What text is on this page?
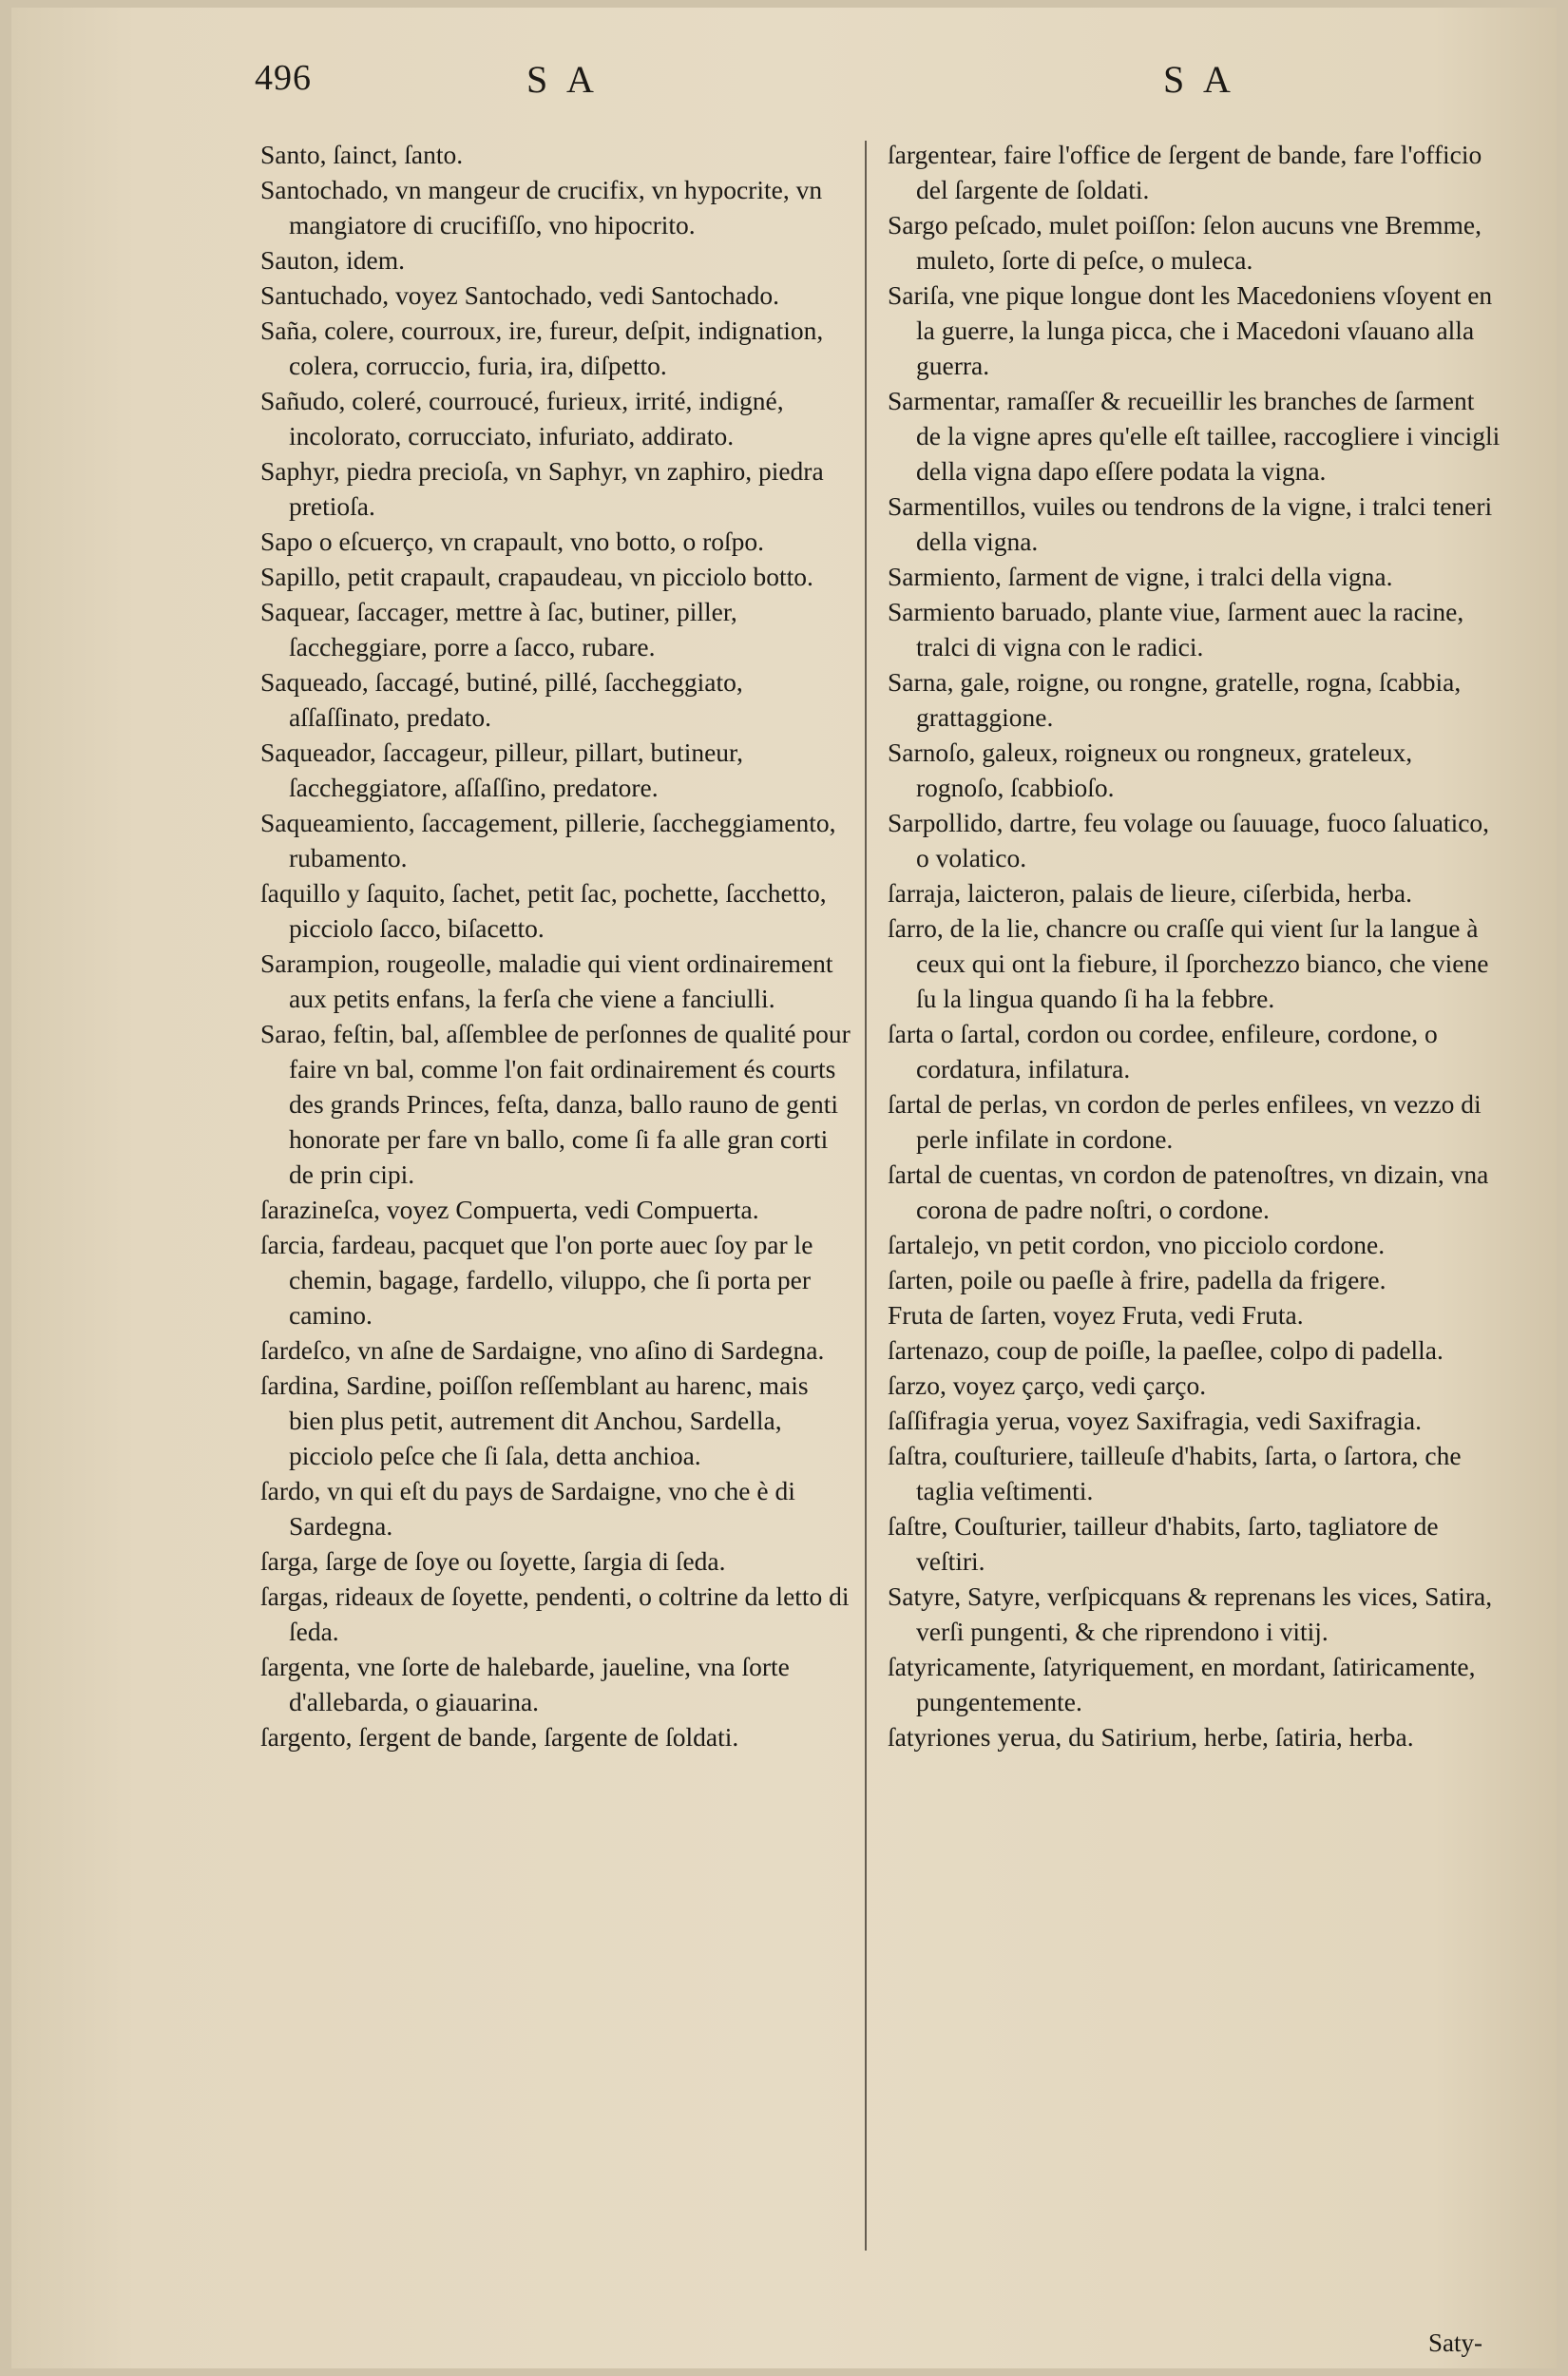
496	S A	S A

Santo, ſainct, ſanto.

Santochado, vn mangeur de crucifix, vn hypocrite, vn mangiatore di crucifiſſo, vno hipocrito.

Sauton, idem.

Santuchado, voyez Santochado, vedi Santochado.

Saña, colere, courroux, ire, fureur, deſpit, indignation, colera, corruccio, furia, ira, diſpetto.

Sañudo, coleré, courroucé, furieux, irrité, indigné, incolorato, corrucciato, infuriato, addirato.

Saphyr, piedra precioſa, vn Saphyr, vn zaphiro, piedra pretioſa.

Sapo o eſcuerço, vn crapault, vno botto, o roſpo.

Sapillo, petit crapault, crapaudeau, vn picciolo botto.

Saquear, ſaccager, mettre à ſac, butiner, piller, ſaccheggiare, porre a ſacco, rubare.

Saqueado, ſaccagé, butiné, pillé, ſaccheggiato, aſſaſſinato, predato.

Saqueador, ſaccageur, pilleur, pillart, butineur, ſaccheggiatore, aſſaſſino, predatore.

Saqueamiento, ſaccagement, pillerie, ſaccheggiamento, rubamento.

ſaquillo y ſaquito, ſachet, petit ſac, pochette, ſacchetto, picciolo ſacco, biſacetto.

Sarampion, rougeolle, maladie qui vient ordinairement aux petits enfans, la ferſa che viene a fanciulli.

Sarao, feſtin, bal, aſſemblee de perſonnes de qualité pour faire vn bal, comme l'on fait ordinairement és courts des grands Princes, feſta, danza, ballo rauno de genti honorate per fare vn ballo, come ſi fa alle gran corti de prin cipi.

ſarazineſca, voyez Compuerta, vedi Compuerta.

ſarcia, fardeau, pacquet que l'on porte auec ſoy par le chemin, bagage, fardello, viluppo, che ſi porta per camino.

ſardeſco, vn aſne de Sardaigne, vno aſino di Sardegna.

ſardina, Sardine, poiſſon reſſemblant au harenc, mais bien plus petit, autrement dit Anchou, Sardella, picciolo peſce che ſi ſala, detta anchioa.

ſardo, vn qui eſt du pays de Sardaigne, vno che è di Sardegna.

ſarga, ſarge de ſoye ou ſoyette, ſargia di ſeda.

ſargas, rideaux de ſoyette, pendenti, o coltrine da letto di ſeda.

ſargenta, vne ſorte de halebarde, jaueline, vna ſorte d'allebarda, o giauarina.

ſargento, ſergent de bande, ſargente de ſoldati.

ſargentear, faire l'office de ſergent de bande, fare l'officio del ſargente de ſoldati.

Sargo peſcado, mulet poiſſon: ſelon aucuns vne Bremme, muleto, ſorte di peſce, o muleca.

Sariſa, vne pique longue dont les Macedoniens vſoyent en la guerre, la lunga picca, che i Macedoni vſauano alla guerra.

Sarmentar, ramaſſer & recueillir les branches de ſarment de la vigne apres qu'elle eſt taillee, raccogliere i vincigli della vigna dapo eſſere podata la vigna.

Sarmentillos, vuiles ou tendrons de la vigne, i tralci teneri della vigna.

Sarmiento, ſarment de vigne, i tralci della vigna.

Sarmiento baruado, plante viue, ſarment auec la racine, tralci di vigna con le radici.

Sarna, gale, roigne, ou rongne, gratelle, rogna, ſcabbia, grattaggione.

Sarnoſo, galeux, roigneux ou rongneux, grateleux, rognoſo, ſcabbioſo.

Sarpollido, dartre, feu volage ou ſauuage, fuoco ſaluatico, o volatico.

ſarraja, laicteron, palais de lieure, ciſerbida, herba.

ſarro, de la lie, chancre ou craſſe qui vient ſur la langue à ceux qui ont la fiebure, il ſporchezzo bianco, che viene ſu la lingua quando ſi ha la febbre.

ſarta o ſartal, cordon ou cordee, enfileure, cordone, o cordatura, infilatura.

ſartal de perlas, vn cordon de perles enfilees, vn vezzo di perle infilate in cordone.

ſartal de cuentas, vn cordon de patenoſtres, vn dizain, vna corona de padre noſtri, o cordone.

ſartalejo, vn petit cordon, vno picciolo cordone.

ſarten, poile ou paeſle à frire, padella da frigere.

Fruta de ſarten, voyez Fruta, vedi Fruta.

ſartenazo, coup de poiſle, la paeſlee, colpo di padella.

ſarzo, voyez çarço, vedi çarço.

ſaſſifragia yerua, voyez Saxifragia, vedi Saxifragia.

ſaſtra, couſturiere, tailleuſe d'habits, ſarta, o ſartora, che taglia veſtimenti.

ſaſtre, Couſturier, tailleur d'habits, ſarto, tagliatore de veſtiri.

Satyre, Satyre, verſpicquans & reprenans les vices, Satira, verſi pungenti, & che riprendono i vitij.

ſatyricamente, ſatyriquement, en mordant, ſatiricamente, pungentemente.

ſatyriones yerua, du Satirium, herbe, ſatiria, herba.

Saty-
